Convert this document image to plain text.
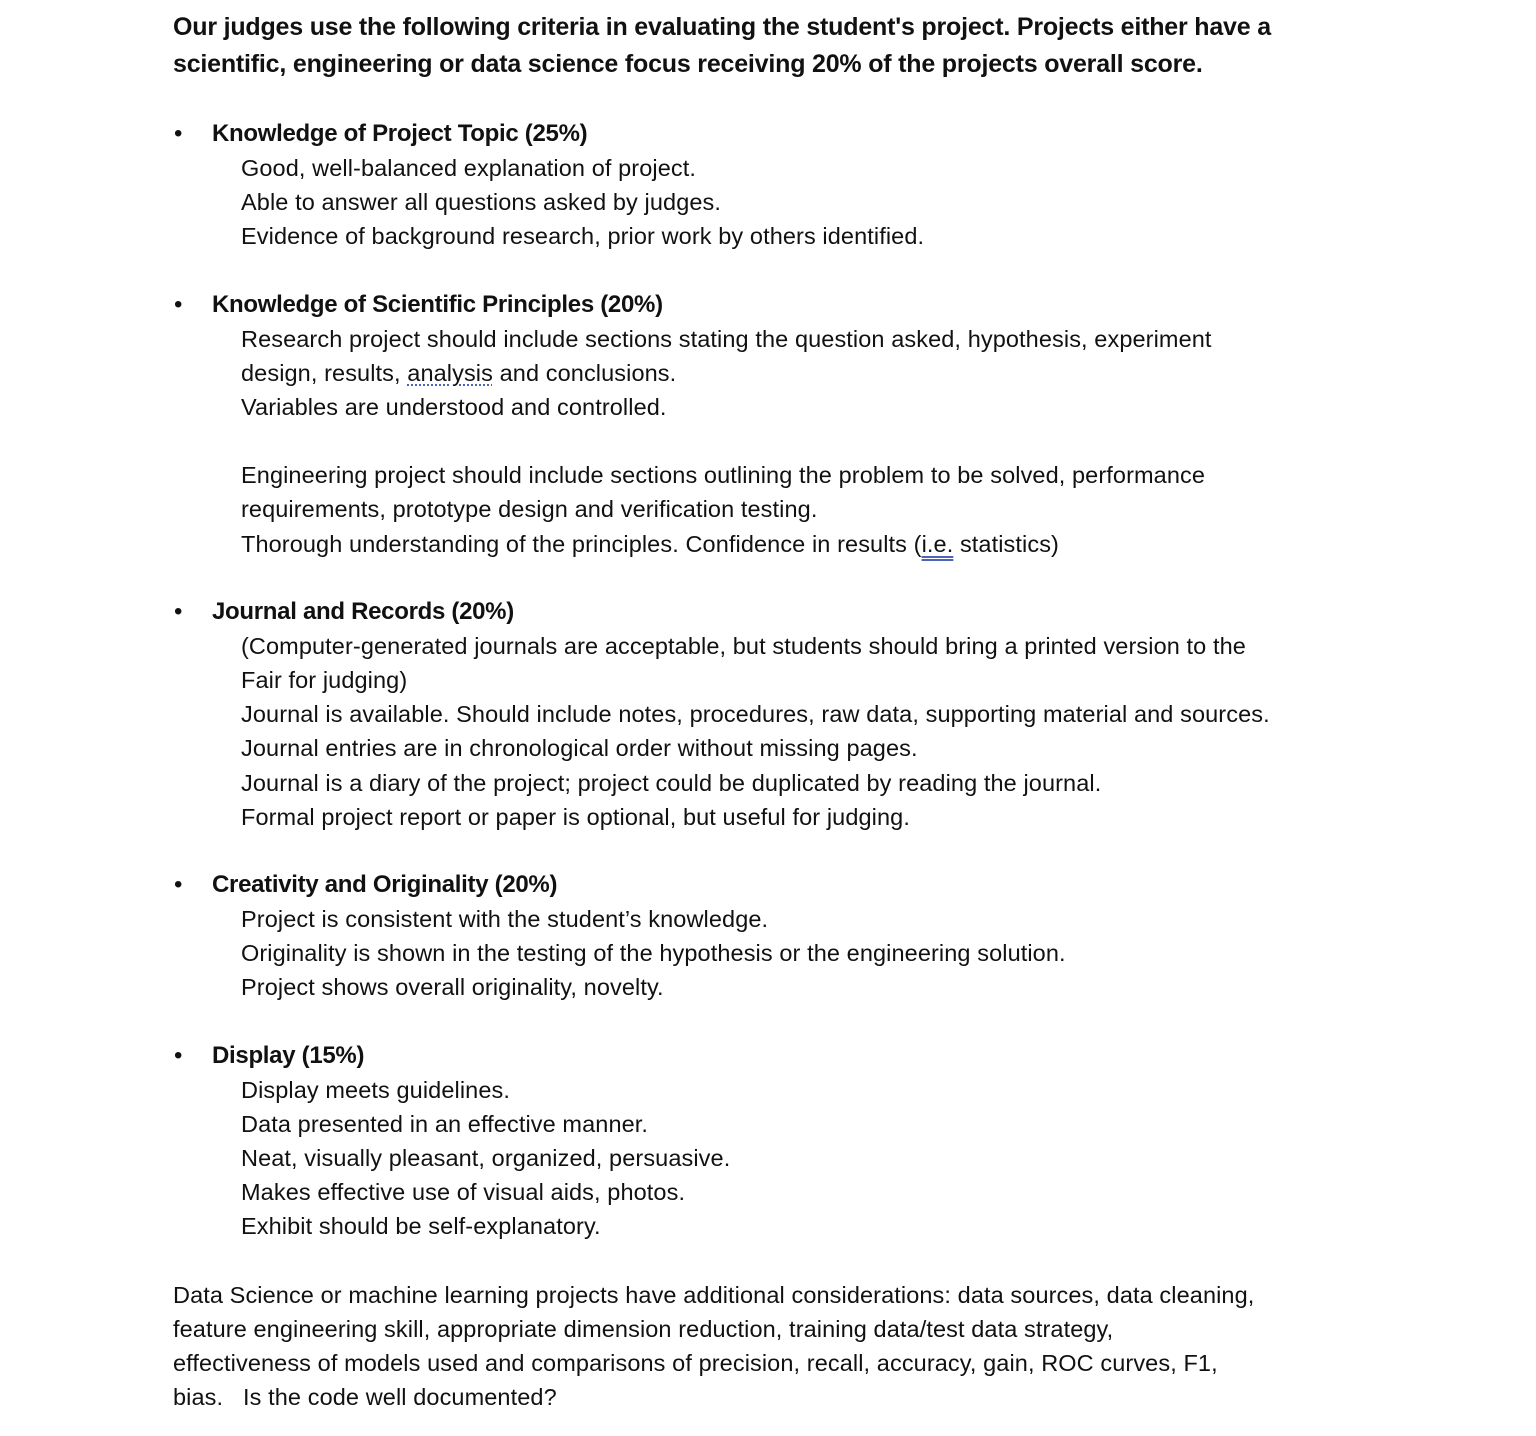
Our judges use the following criteria in evaluating the student's project. Projects either have a scientific, engineering or data science focus receiving 20% of the projects overall score.

• Knowledge of Project Topic (25%)
Good, well-balanced explanation of project.
Able to answer all questions asked by judges.
Evidence of background research, prior work by others identified.
• Knowledge of Scientific Principles (20%)
Research project should include sections stating the question asked, hypothesis, experiment
design, results, analysis and conclusions.
Variables are understood and controlled.
Engineering project should include sections outlining the problem to be solved, performance
requirements, prototype design and verification testing.
Thorough understanding of the principles. Confidence in results (i.e. statistics)
• Journal and Records (20%)
(Computer-generated journals are acceptable, but students should bring a printed version to the
Fair for judging)
Journal is available. Should include notes, procedures, raw data, supporting material and sources.
Journal entries are in chronological order without missing pages.
Journal is a diary of the project; project could be duplicated by reading the journal.
Formal project report or paper is optional, but useful for judging.
• Creativity and Originality (20%)
Project is consistent with the student’s knowledge.
Originality is shown in the testing of the hypothesis or the engineering solution.
Project shows overall originality, novelty.
• Display (15%)
Display meets guidelines.
Data presented in an effective manner.
Neat, visually pleasant, organized, persuasive.
Makes effective use of visual aids, photos.
Exhibit should be self-explanatory.

Data Science or machine learning projects have additional considerations: data sources, data cleaning,
feature engineering skill, appropriate dimension reduction, training data/test data strategy,
effectiveness of models used and comparisons of precision, recall, accuracy, gain, ROC curves, F1,
bias.   Is the code well documented?
